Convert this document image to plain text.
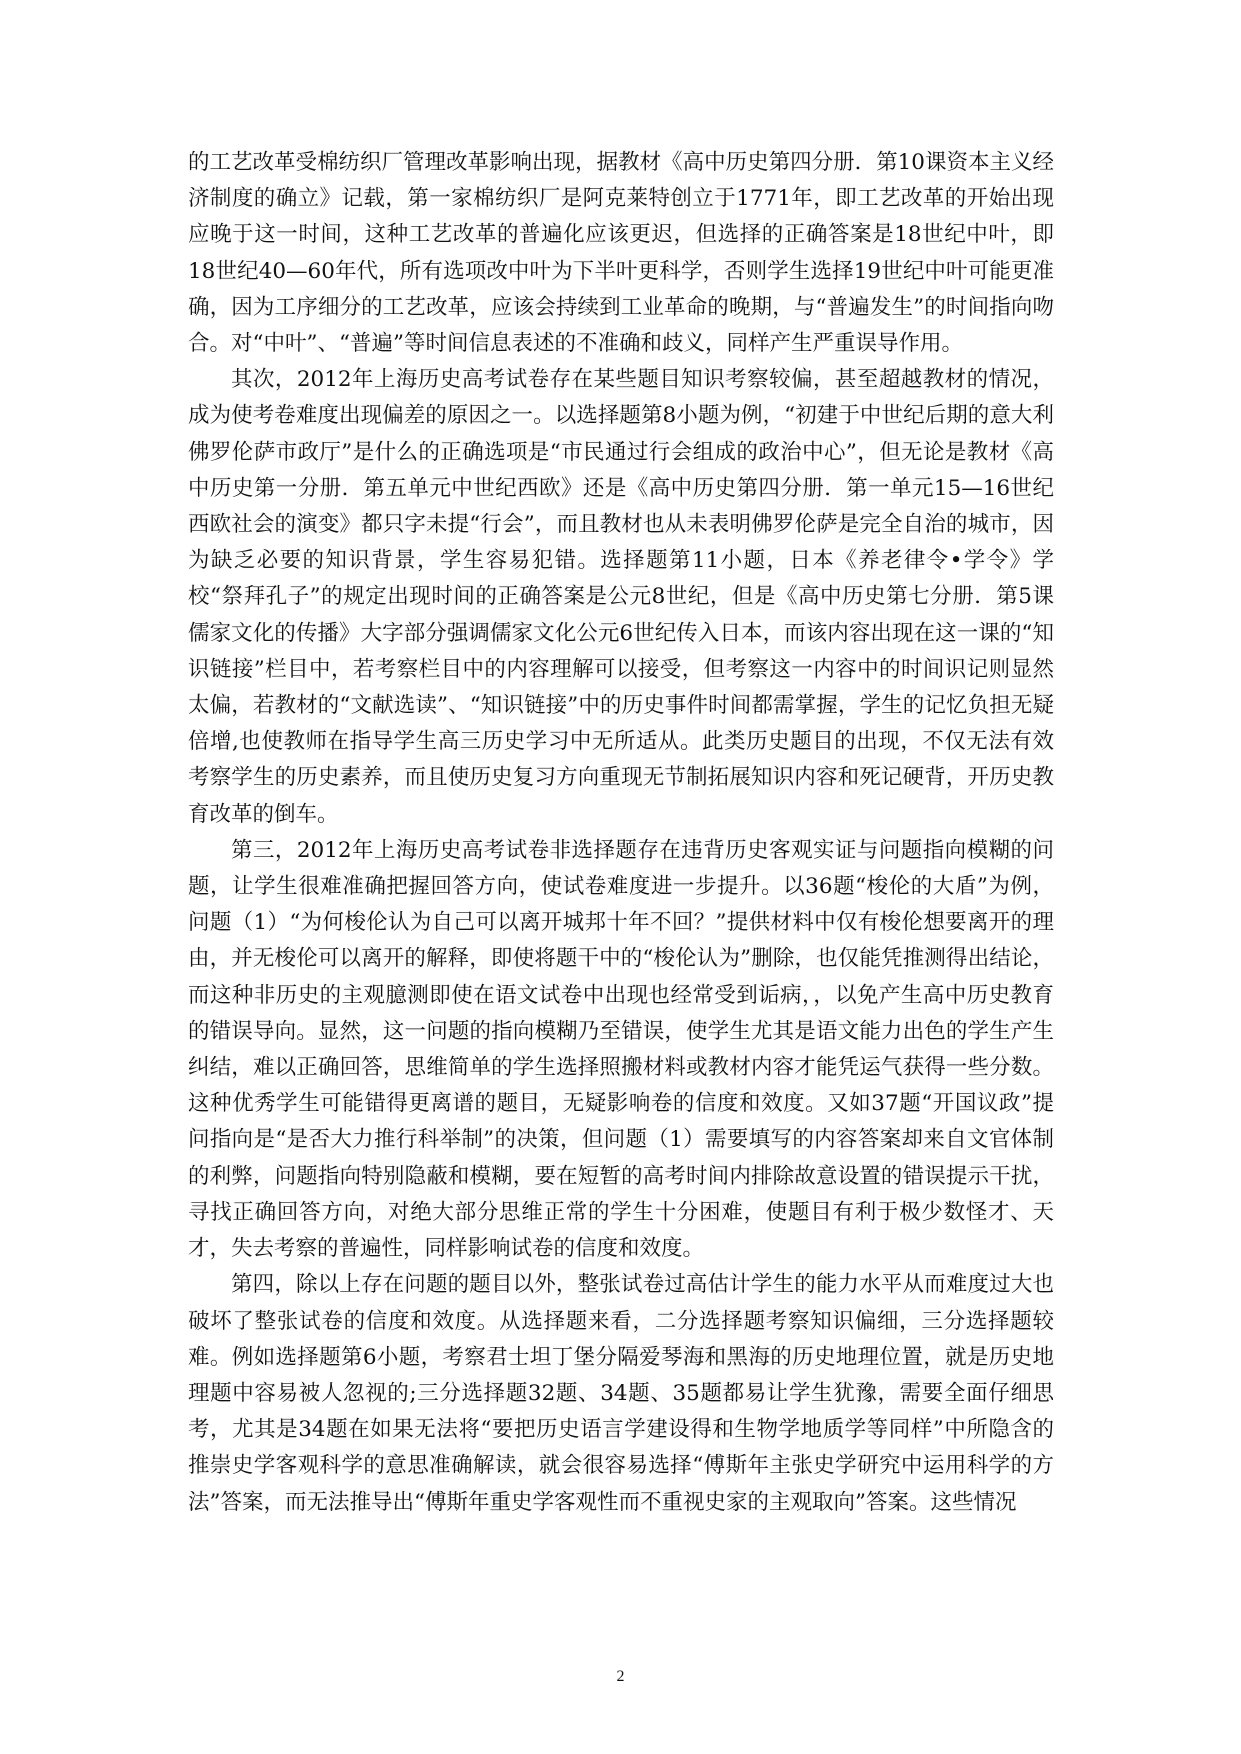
的工艺改革受棉纺织厂管理改革影响出现，据教材《高中历史第四分册．第10课资本主义经济制度的确立》记载，第一家棉纺织厂是阿克莱特创立于1771年，即工艺改革的开始出现应晚于这一时间，这种工艺改革的普遍化应该更迟，但选择的正确答案是18世纪中叶，即18世纪40—60年代，所有选项改中叶为下半叶更科学，否则学生选择19世纪中叶可能更准确，因为工序细分的工艺改革，应该会持续到工业革命的晚期，与“普遍发生”的时间指向吻合。对“中叶”、“普遍”等时间信息表述的不准确和歧义，同样产生严重误导作用。

其次，2012年上海历史高考试卷存在某些题目知识考察较偏，甚至超越教材的情况，成为使考卷难度出现偏差的原因之一。以选择题第8小题为例，“初建于中世纪后期的意大利佛罗伦萨市政厅”是什么的正确选项是“市民通过行会组成的政治中心”，但无论是教材《高中历史第一分册．第五单元中世纪西欧》还是《高中历史第四分册．第一单元15—16世纪西欧社会的演变》都只字未提“行会”，而且教材也从未表明佛罗伦萨是完全自治的城市，因为缺乏必要的知识背景，学生容易犯错。选择题第11小题，日本《养老律令•学令》学校“祭拜孔子”的规定出现时间的正确答案是公元8世纪，但是《高中历史第七分册．第5课儒家文化的传播》大字部分强调儒家文化公元6世纪传入日本，而该内容出现在这一课的“知识链接”栏目中，若考察栏目中的内容理解可以接受，但考察这一内容中的时间识记则显然太偏，若教材的“文献选读”、“知识链接”中的历史事件时间都需掌握，学生的记忆负担无疑倍增,也使教师在指导学生高三历史学习中无所适从。此类历史题目的出现，不仅无法有效考察学生的历史素养，而且使历史复习方向重现无节制拓展知识内容和死记硬背，开历史教育改革的倒车。

第三，2012年上海历史高考试卷非选择题存在违背历史客观实证与问题指向模糊的问题，让学生很难准确把握回答方向，使试卷难度进一步提升。以36题“梭伦的大盾”为例，问题（1）“为何梭伦认为自己可以离开城邦十年不回？”提供材料中仅有梭伦想要离开的理由，并无梭伦可以离开的解释，即使将题干中的“梭伦认为”删除，也仅能凭推测得出结论，而这种非历史的主观臆测即使在语文试卷中出现也经常受到诟病，，以免产生高中历史教育的错误导向。显然，这一问题的指向模糊乃至错误，使学生尤其是语文能力出色的学生产生纠结，难以正确回答，思维简单的学生选择照搬材料或教材内容才能凭运气获得一些分数。这种优秀学生可能错得更离谱的题目，无疑影响卷的信度和效度。又如37题“开国议政”提问指向是“是否大力推行科举制”的决策，但问题（1）需要填写的内容答案却来自文官体制的利弊，问题指向特别隐蔽和模糊，要在短暂的高考时间内排除故意设置的错误提示干扰，寻找正确回答方向，对绝大部分思维正常的学生十分困难，使题目有利于极少数怪才、天才，失去考察的普遍性，同样影响试卷的信度和效度。

第四，除以上存在问题的题目以外，整张试卷过高估计学生的能力水平从而难度过大也破坏了整张试卷的信度和效度。从选择题来看，二分选择题考察知识偏细，三分选择题较难。例如选择题第6小题，考察君士坦丁堡分隔爱琴海和黑海的历史地理位置，就是历史地理题中容易被人忽视的;三分选择题32题、34题、35题都易让学生犹豫，需要全面仔细思考，尤其是34题在如果无法将“要把历史语言学建设得和生物学地质学等同样”中所隐含的推崇史学客观科学的意思准确解读，就会很容易选择“傅斯年主张史学研究中运用科学的方法”答案，而无法推导出“傅斯年重史学客观性而不重视史家的主观取向”答案。这些情况

2
